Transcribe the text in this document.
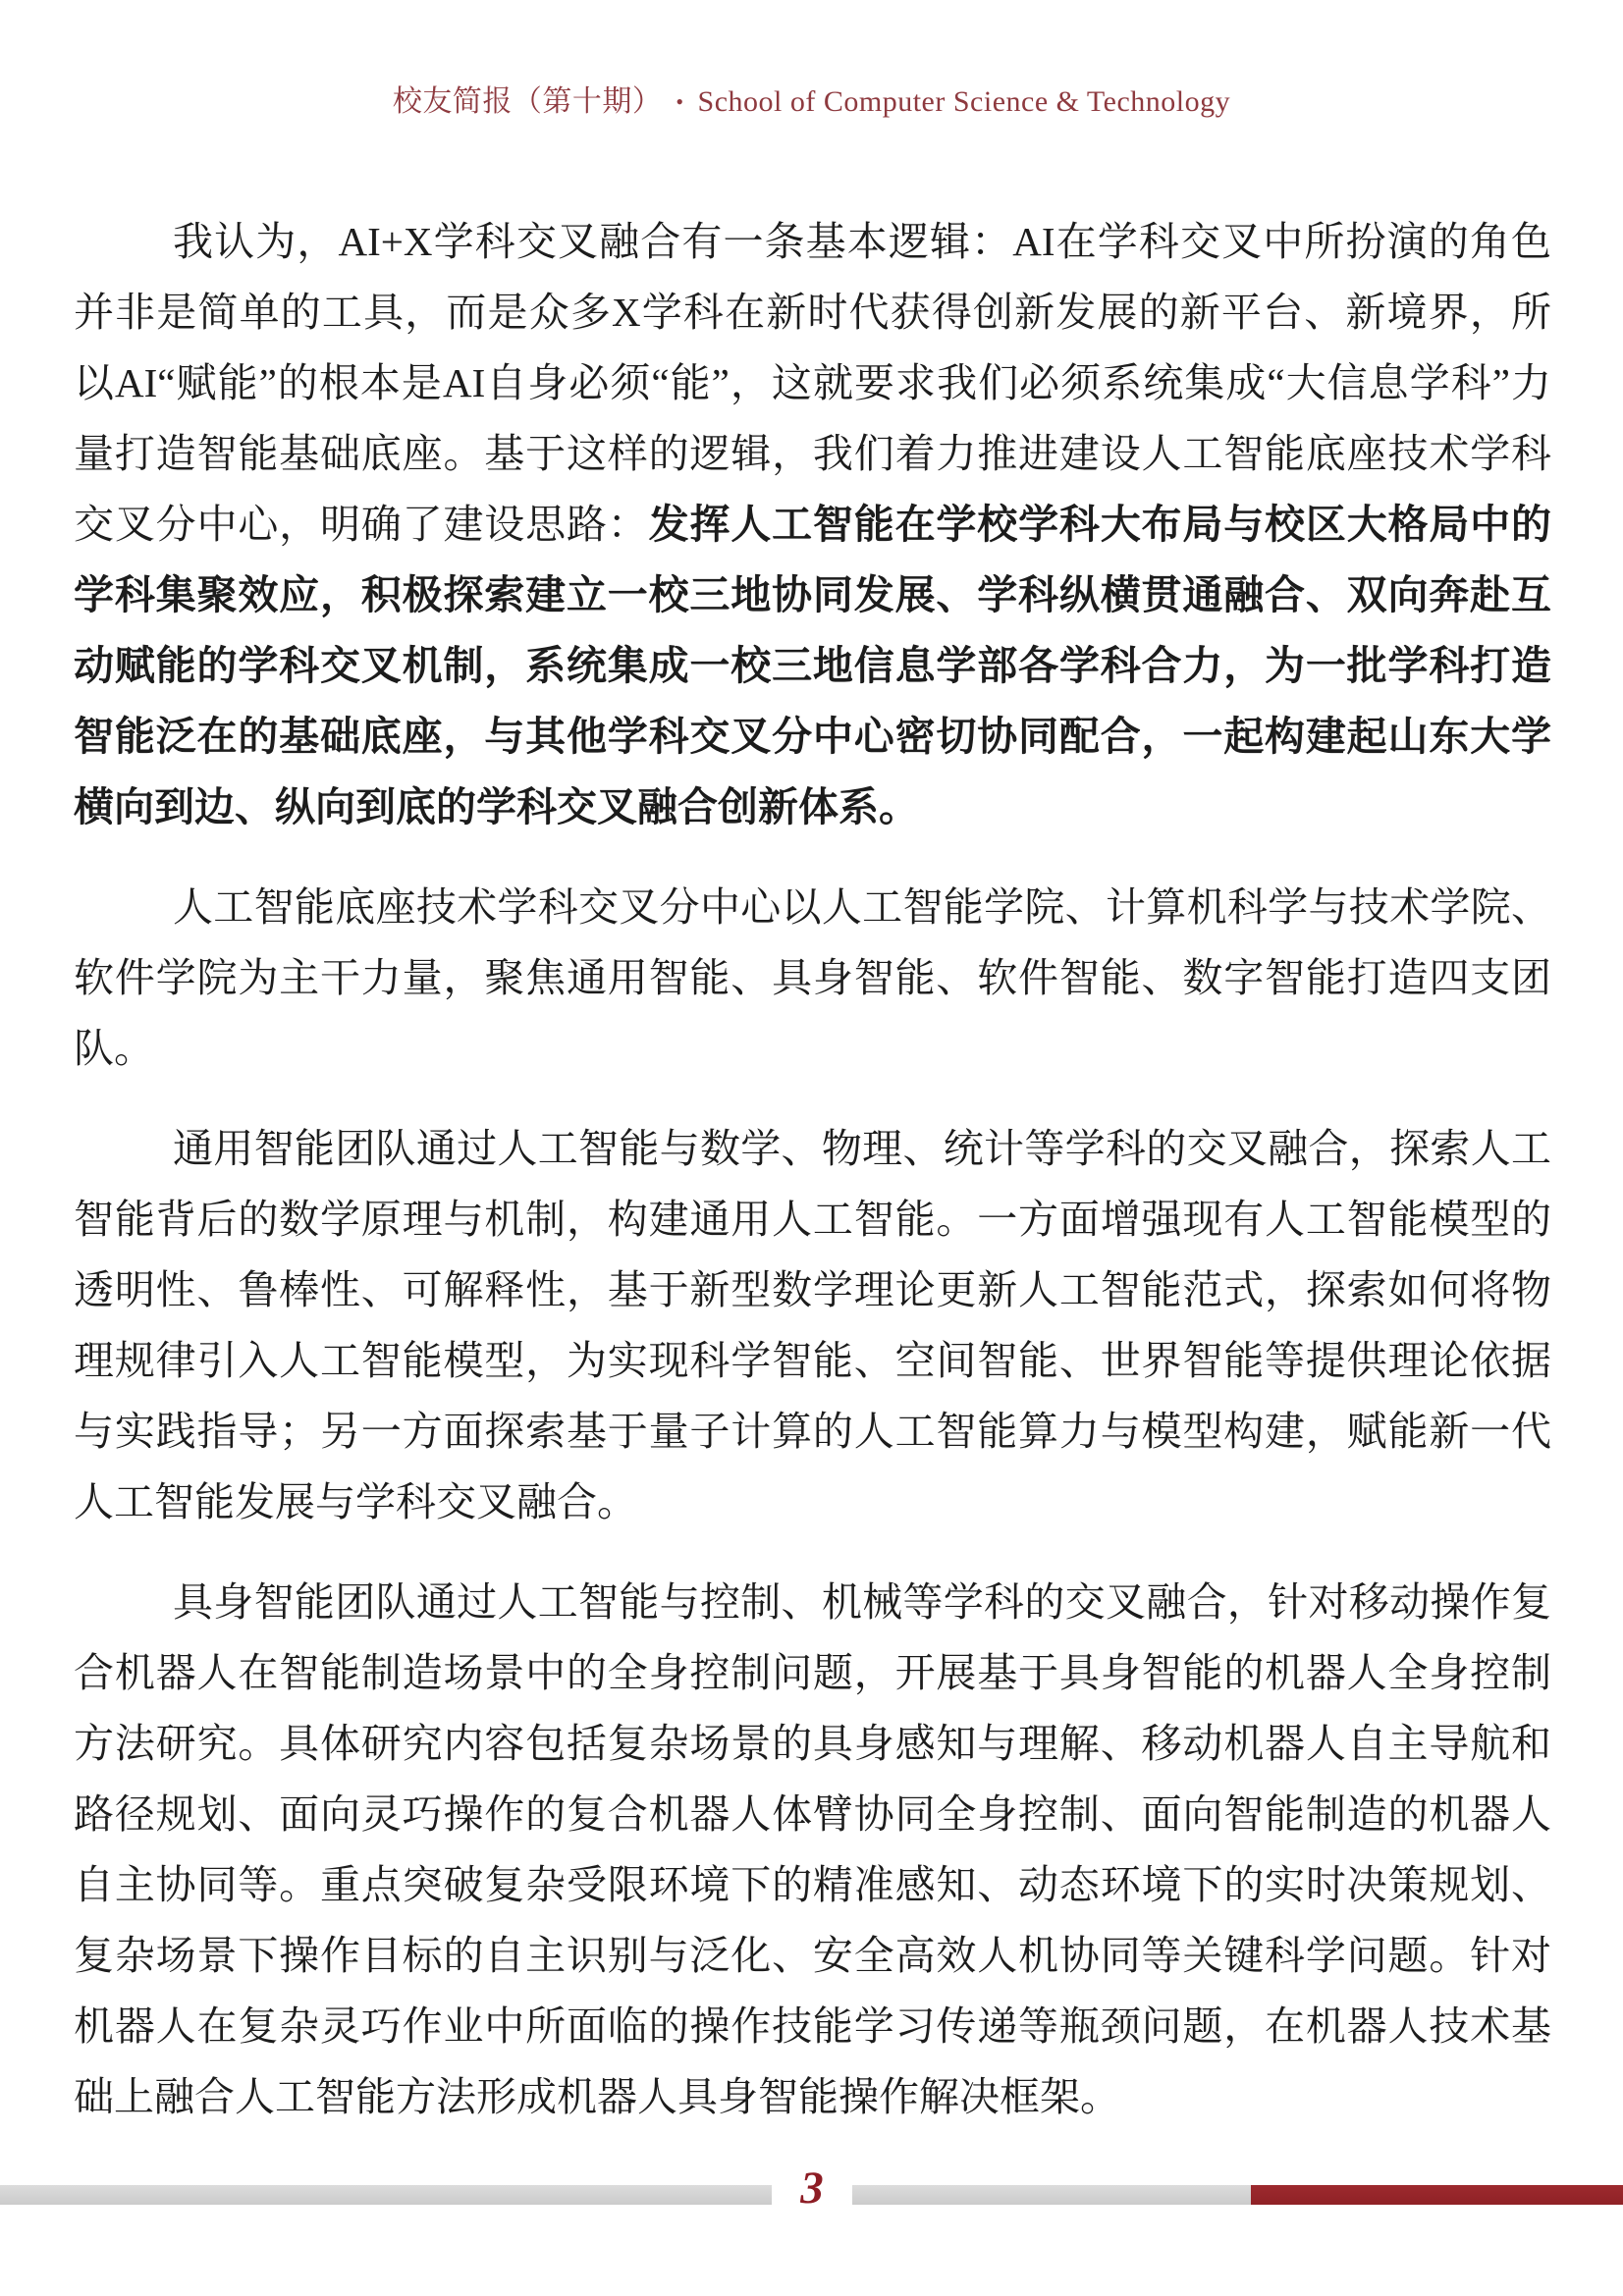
校友简报（第十期） • School of Computer Science & Technology

我认为，AI+X学科交叉融合有一条基本逻辑：AI在学科交叉中所扮演的角色并非是简单的工具，而是众多X学科在新时代获得创新发展的新平台、新境界，所以AI“赋能”的根本是AI自身必须“能”，这就要求我们必须系统集成“大信息学科”力量打造智能基础底座。基于这样的逻辑，我们着力推进建设人工智能底座技术学科交叉分中心，明确了建设思路：发挥人工智能在学校学科大布局与校区大格局中的学科集聚效应，积极探索建立一校三地协同发展、学科纵横贯通融合、双向奔赴互动赋能的学科交叉机制，系统集成一校三地信息学部各学科合力，为一批学科打造智能泛在的基础底座，与其他学科交叉分中心密切协同配合，一起构建起山东大学横向到边、纵向到底的学科交叉融合创新体系。

人工智能底座技术学科交叉分中心以人工智能学院、计算机科学与技术学院、软件学院为主干力量，聚焦通用智能、具身智能、软件智能、数字智能打造四支团队。

通用智能团队通过人工智能与数学、物理、统计等学科的交叉融合，探索人工智能背后的数学原理与机制，构建通用人工智能。一方面增强现有人工智能模型的透明性、鲁棒性、可解释性，基于新型数学理论更新人工智能范式，探索如何将物理规律引入人工智能模型，为实现科学智能、空间智能、世界智能等提供理论依据与实践指导；另一方面探索基于量子计算的人工智能算力与模型构建，赋能新一代人工智能发展与学科交叉融合。

具身智能团队通过人工智能与控制、机械等学科的交叉融合，针对移动操作复合机器人在智能制造场景中的全身控制问题，开展基于具身智能的机器人全身控制方法研究。具体研究内容包括复杂场景的具身感知与理解、移动机器人自主导航和路径规划、面向灵巧操作的复合机器人体臂协同全身控制、面向智能制造的机器人自主协同等。重点突破复杂受限环境下的精准感知、动态环境下的实时决策规划、复杂场景下操作目标的自主识别与泛化、安全高效人机协同等关键科学问题。针对机器人在复杂灵巧作业中所面临的操作技能学习传递等瓶颈问题，在机器人技术基础上融合人工智能方法形成机器人具身智能操作解决框架。

3
